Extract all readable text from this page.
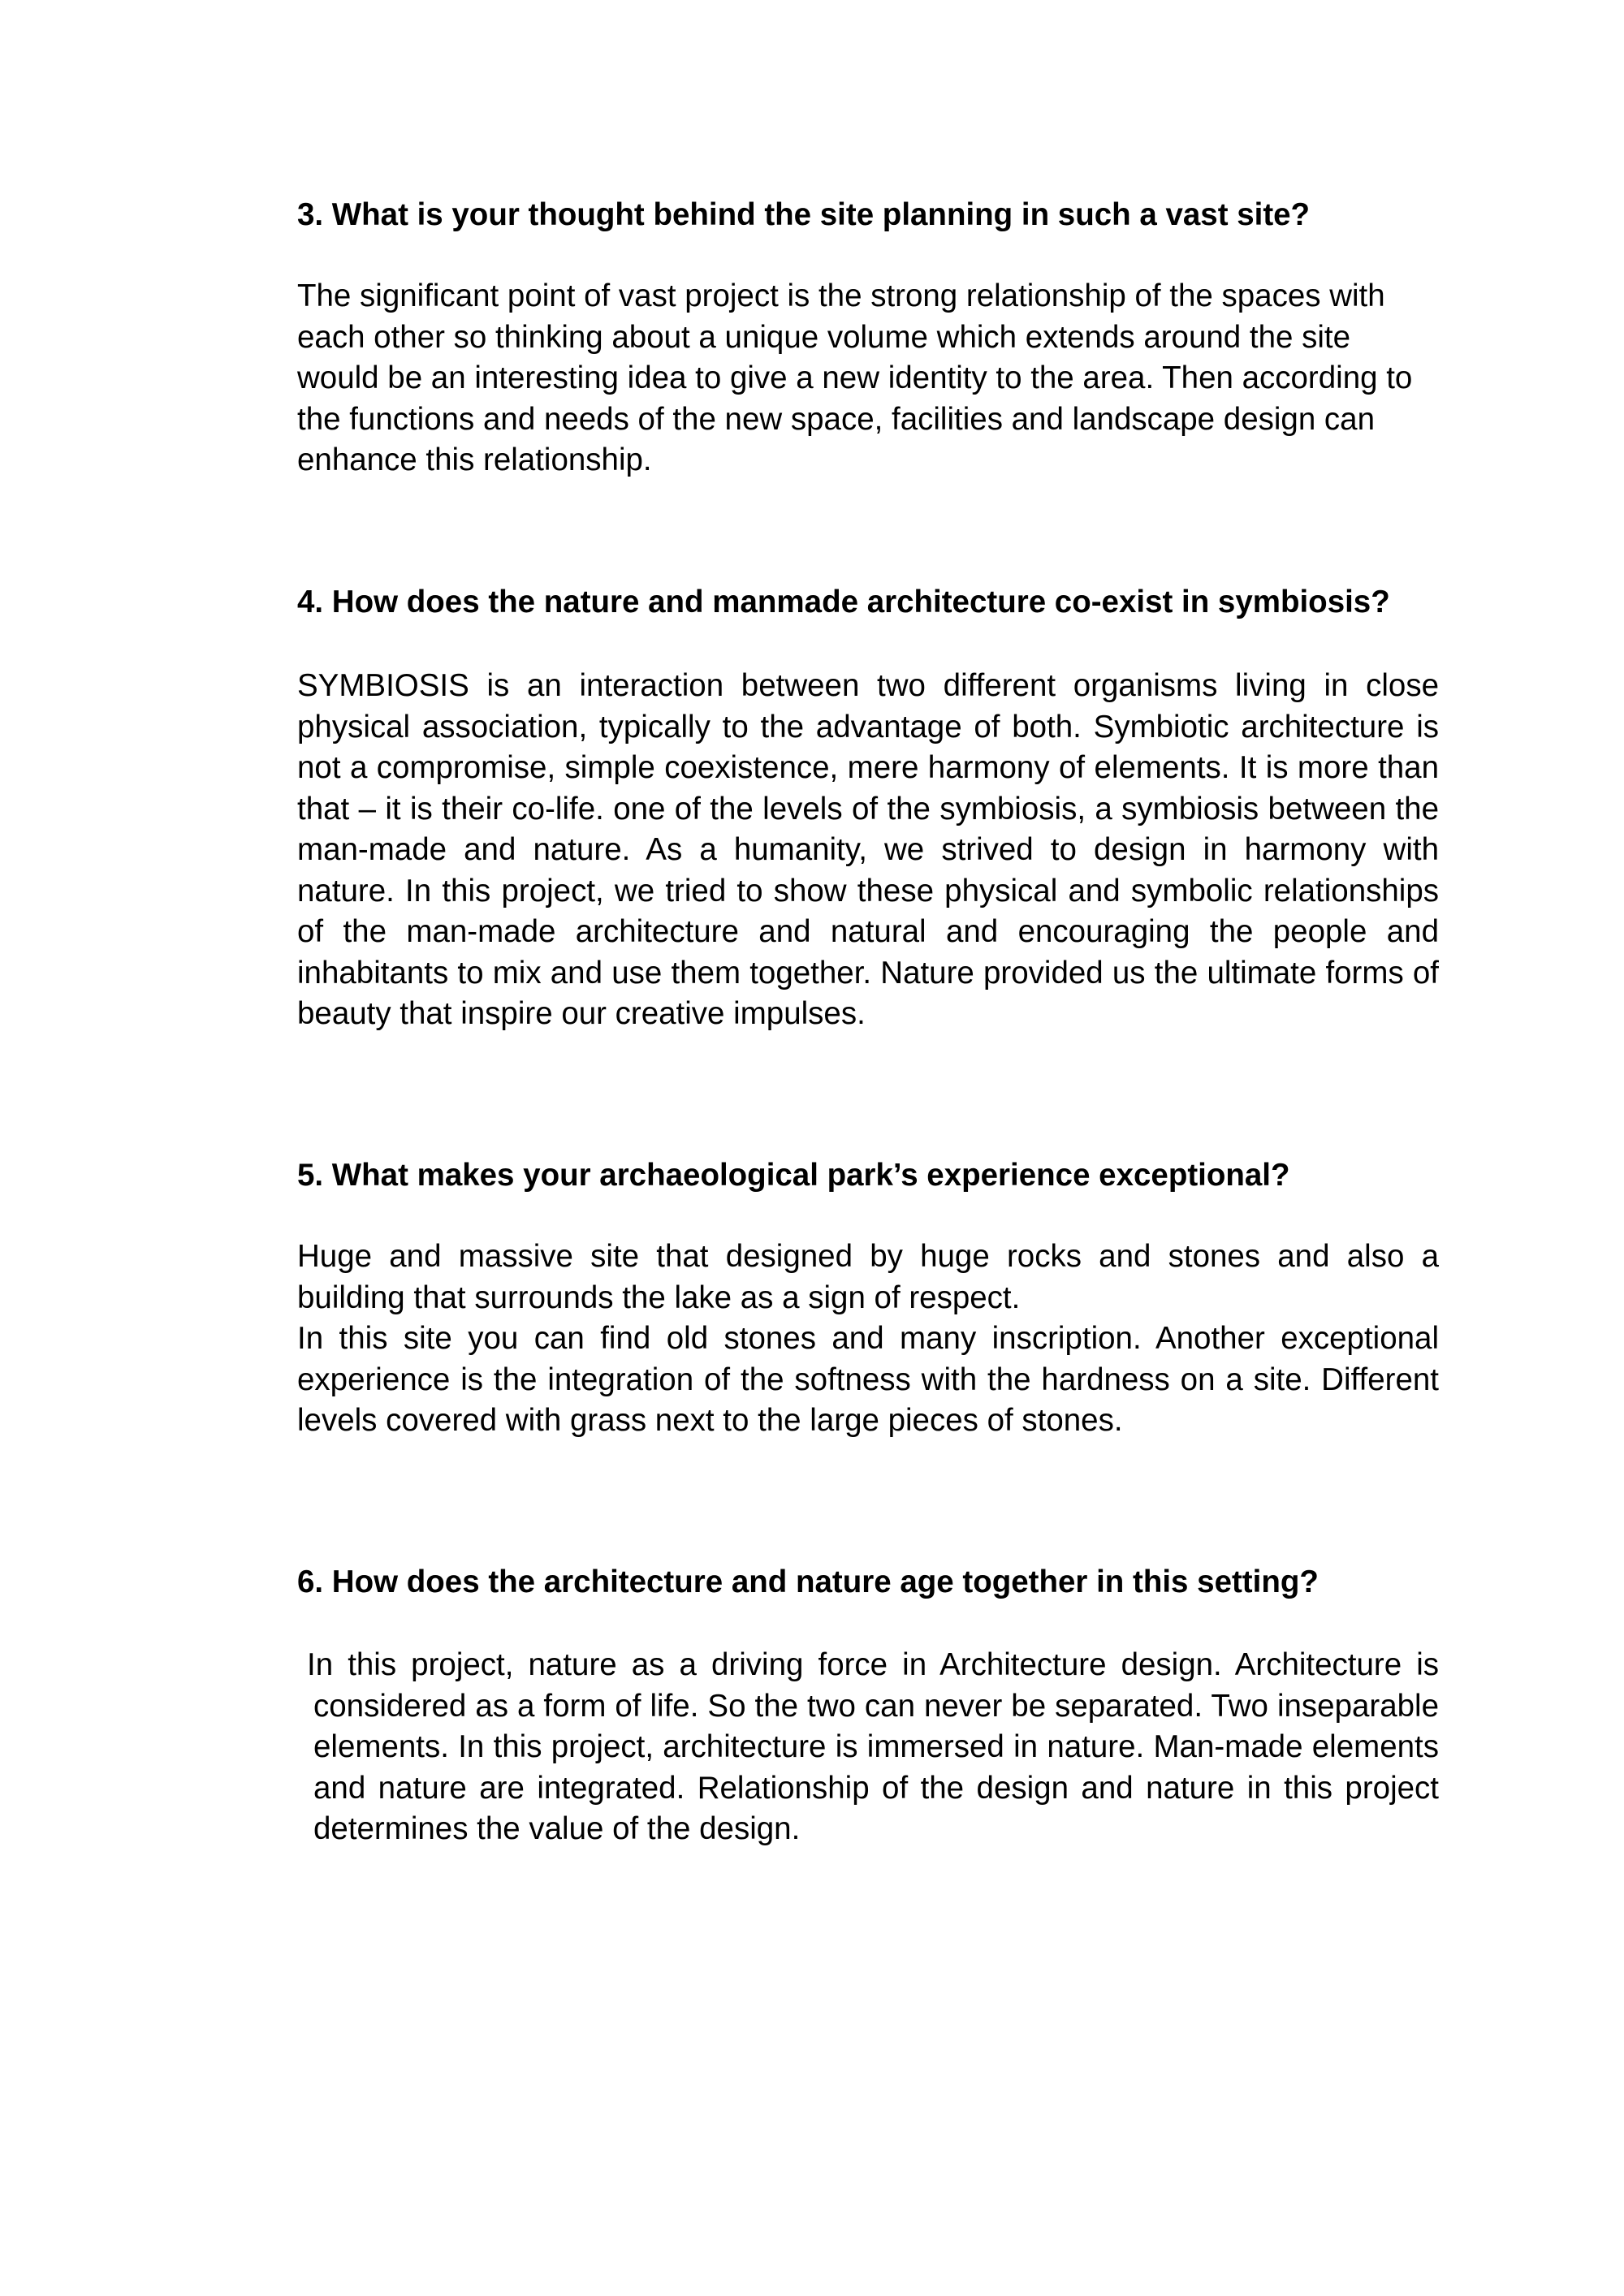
3. What is your thought behind the site planning in such a vast site?

The significant point of vast project is the strong relationship of the spaces with each other so thinking about a unique volume which extends around the site would be an interesting idea to give a new identity to the area. Then according to the functions and needs of the new space, facilities and landscape design can enhance this relationship.

4. How does the nature and manmade architecture co-exist in symbiosis?

SYMBIOSIS is an interaction between two different organisms living in close physical association, typically to the advantage of both. Symbiotic architecture is not a compromise, simple coexistence, mere harmony of elements. It is more than that – it is their co-life. one of the levels of the symbiosis, a symbiosis between the man-made and nature. As a humanity, we strived to design in harmony with nature. In this project, we tried to show these physical and symbolic relationships of the man-made architecture and natural and encouraging the people and inhabitants to mix and use them together. Nature provided us the ultimate forms of beauty that inspire our creative impulses.

5. What makes your archaeological park’s experience exceptional?

Huge and massive site that designed by huge rocks and stones and also a building that surrounds the lake as a sign of respect.

In this site you can find old stones and many inscription. Another exceptional experience is the integration of the softness with the hardness on a site. Different levels covered with grass next to the large pieces of stones.

6. How does the architecture and nature age together in this setting?

In this project, nature as a driving force in Architecture design. Architecture is considered as a form of life. So the two can never be separated. Two inseparable elements. In this project, architecture is immersed in nature. Man-made elements and nature are integrated. Relationship of the design and nature in this project determines the value of the design.
